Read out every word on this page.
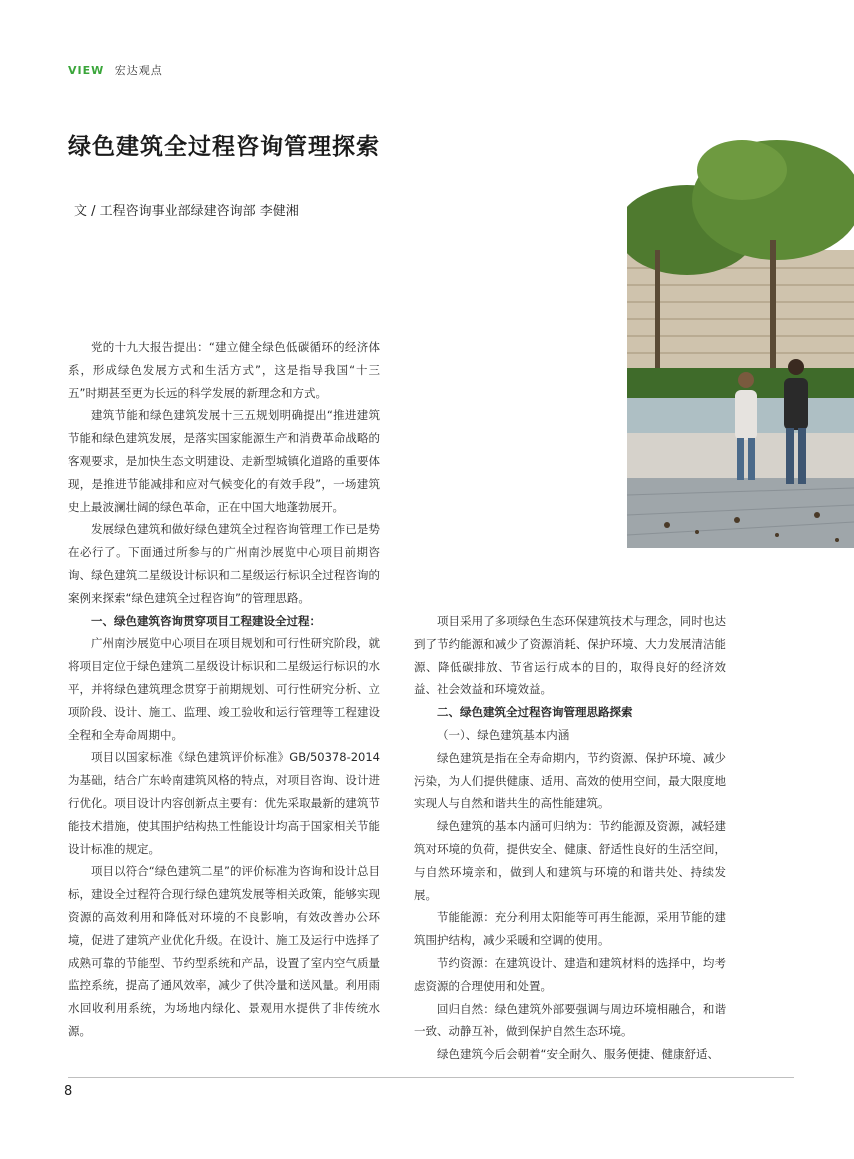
VIEW 宏达观点
绿色建筑全过程咨询管理探索
文 / 工程咨询事业部绿建咨询部 李健湘

党的十九大报告提出：“建立健全绿色低碳循环的经济体系，形成绿色发展方式和生活方式”，这是指导我国“十三五”时期甚至更为长远的科学发展的新理念和方式。

建筑节能和绿色建筑发展十三五规划明确提出“推进建筑节能和绿色建筑发展，是落实国家能源生产和消费革命战略的客观要求，是加快生态文明建设、走新型城镇化道路的重要体现，是推进节能减排和应对气候变化的有效手段”，一场建筑史上最波澜壮阔的绿色革命，正在中国大地蓬勃展开。

发展绿色建筑和做好绿色建筑全过程咨询管理工作已是势在必行了。下面通过所参与的广州南沙展览中心项目前期咨询、绿色建筑二星级设计标识和二星级运行标识全过程咨询的案例来探索“绿色建筑全过程咨询”的管理思路。

一、绿色建筑咨询贯穿项目工程建设全过程：

广州南沙展览中心项目在项目规划和可行性研究阶段，就将项目定位于绿色建筑二星级设计标识和二星级运行标识的水平，并将绿色建筑理念贯穿于前期规划、可行性研究分析、立项阶段、设计、施工、监理、竣工验收和运行管理等工程建设全程和全寿命周期中。

项目以国家标准《绿色建筑评价标准》GB/50378-2014 为基础，结合广东岭南建筑风格的特点，对项目咨询、设计进行优化。项目设计内容创新点主要有：优先采取最新的建筑节能技术措施，使其围护结构热工性能设计均高于国家相关节能设计标准的规定。

项目以符合“绿色建筑二星”的评价标准为咨询和设计总目标，建设全过程符合现行绿色建筑发展等相关政策，能够实现资源的高效利用和降低对环境的不良影响，有效改善办公环境，促进了建筑产业优化升级。在设计、施工及运行中选择了成熟可靠的节能型、节约型系统和产品，设置了室内空气质量监控系统，提高了通风效率，减少了供冷量和送风量。利用雨水回收利用系统，为场地内绿化、景观用水提供了非传统水源。

项目采用了多项绿色生态环保建筑技术与理念，同时也达到了节约能源和减少了资源消耗、保护环境、大力发展清洁能源、降低碳排放、节省运行成本的目的，取得良好的经济效益、社会效益和环境效益。

二、绿色建筑全过程咨询管理思路探索

（一）、绿色建筑基本内涵

绿色建筑是指在全寿命期内，节约资源、保护环境、减少污染，为人们提供健康、适用、高效的使用空间，最大限度地实现人与自然和谐共生的高性能建筑。

绿色建筑的基本内涵可归纳为：节约能源及资源，减轻建筑对环境的负荷，提供安全、健康、舒适性良好的生活空间，与自然环境亲和，做到人和建筑与环境的和谐共处、持续发展。

节能能源：充分利用太阳能等可再生能源，采用节能的建筑围护结构，减少采暖和空调的使用。

节约资源：在建筑设计、建造和建筑材料的选择中，均考虑资源的合理使用和处置。

回归自然：绿色建筑外部要强调与周边环境相融合，和谐一致、动静互补，做到保护自然生态环境。

绿色建筑今后会朝着“安全耐久、服务便捷、健康舒适、

8
